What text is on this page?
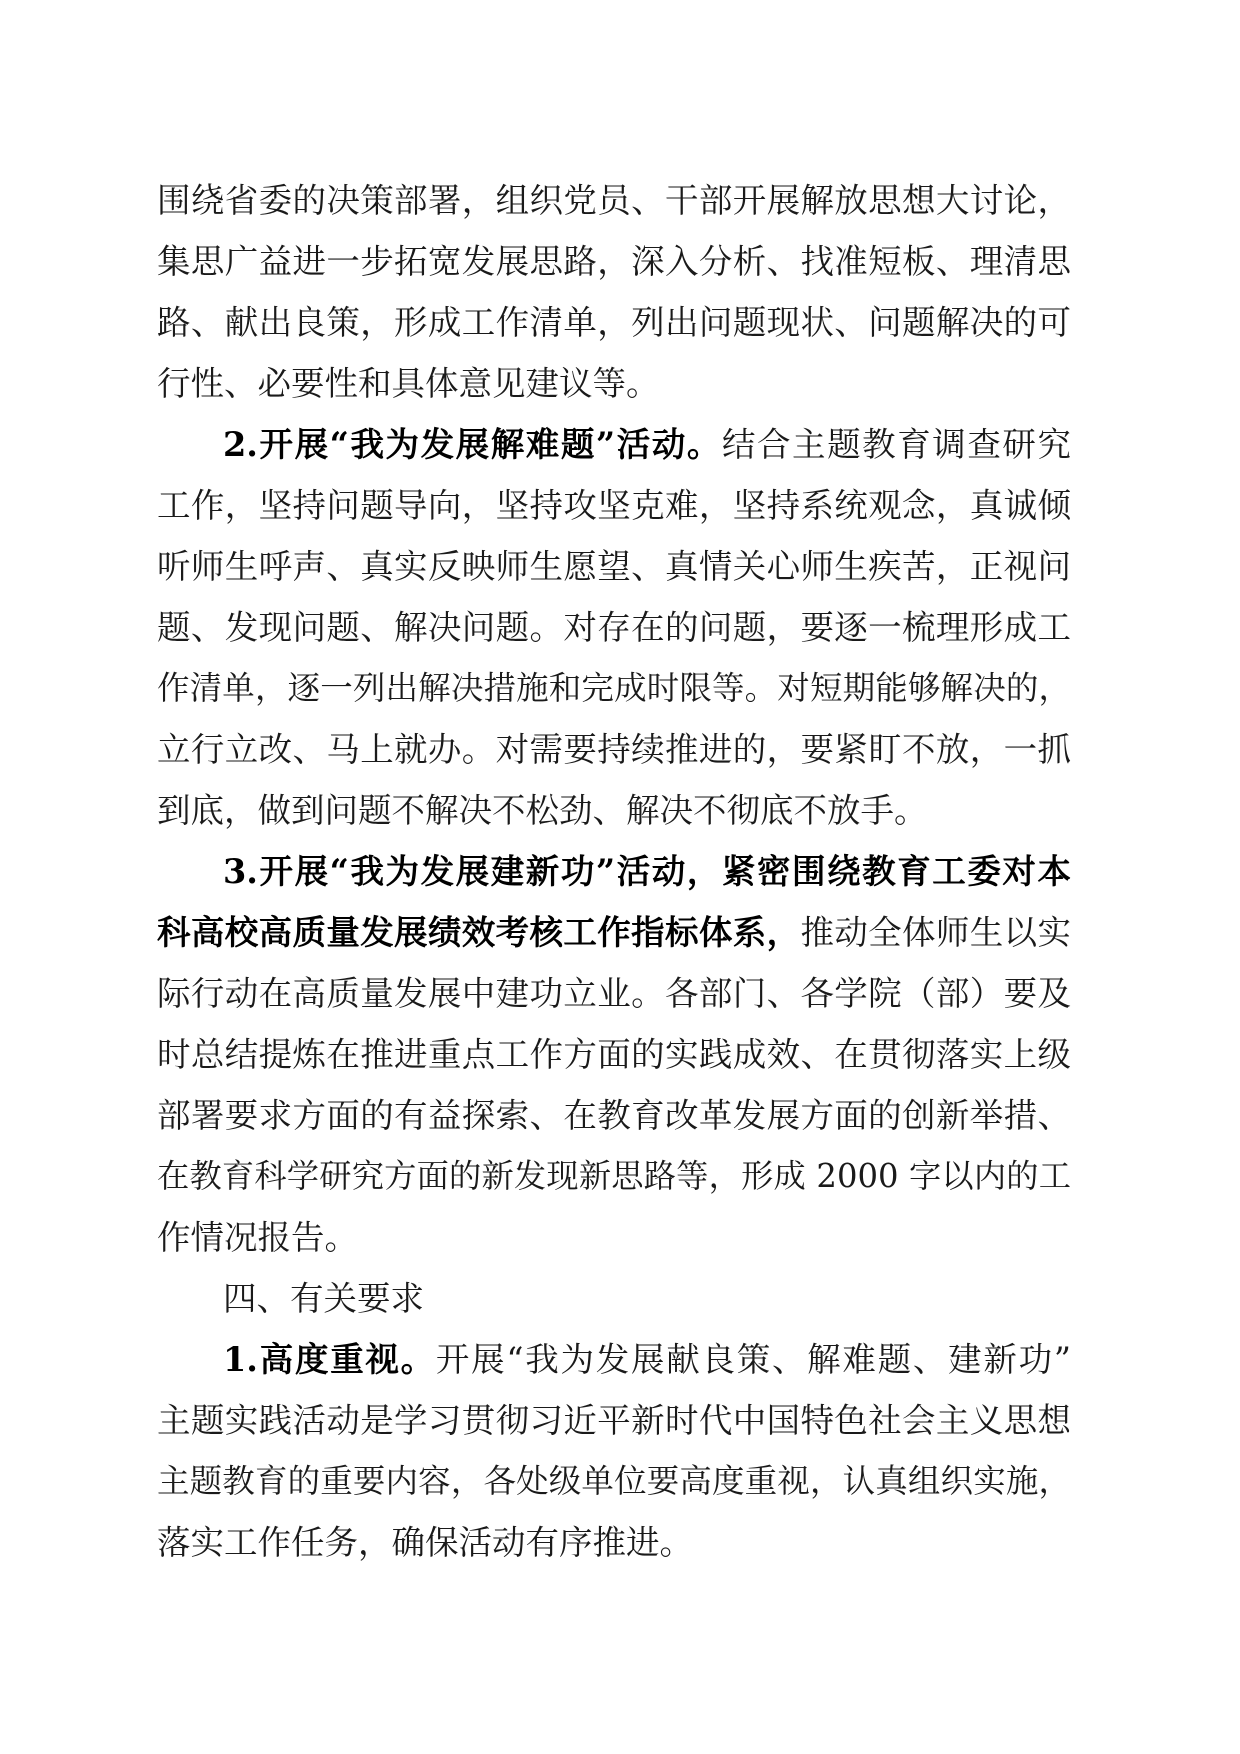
围绕省委的决策部署，组织党员、干部开展解放思想大讨论，
集思广益进一步拓宽发展思路，深入分析、找准短板、理清思
路、献出良策，形成工作清单，列出问题现状、问题解决的可
行性、必要性和具体意见建议等。
2.开展“我为发展解难题”活动。结合主题教育调查研究
工作，坚持问题导向，坚持攻坚克难，坚持系统观念，真诚倾
听师生呼声、真实反映师生愿望、真情关心师生疾苦，正视问
题、发现问题、解决问题。对存在的问题，要逐一梳理形成工
作清单，逐一列出解决措施和完成时限等。对短期能够解决的，
立行立改、马上就办。对需要持续推进的，要紧盯不放，一抓
到底，做到问题不解决不松劲、解决不彻底不放手。
3.开展“我为发展建新功”活动，紧密围绕教育工委对本
科高校高质量发展绩效考核工作指标体系，推动全体师生以实
际行动在高质量发展中建功立业。各部门、各学院（部）要及
时总结提炼在推进重点工作方面的实践成效、在贯彻落实上级
部署要求方面的有益探索、在教育改革发展方面的创新举措、
在教育科学研究方面的新发现新思路等，形成 2000 字以内的工
作情况报告。
四、有关要求
1.高度重视。开展“我为发展献良策、解难题、建新功”
主题实践活动是学习贯彻习近平新时代中国特色社会主义思想
主题教育的重要内容，各处级单位要高度重视，认真组织实施，
落实工作任务，确保活动有序推进。
